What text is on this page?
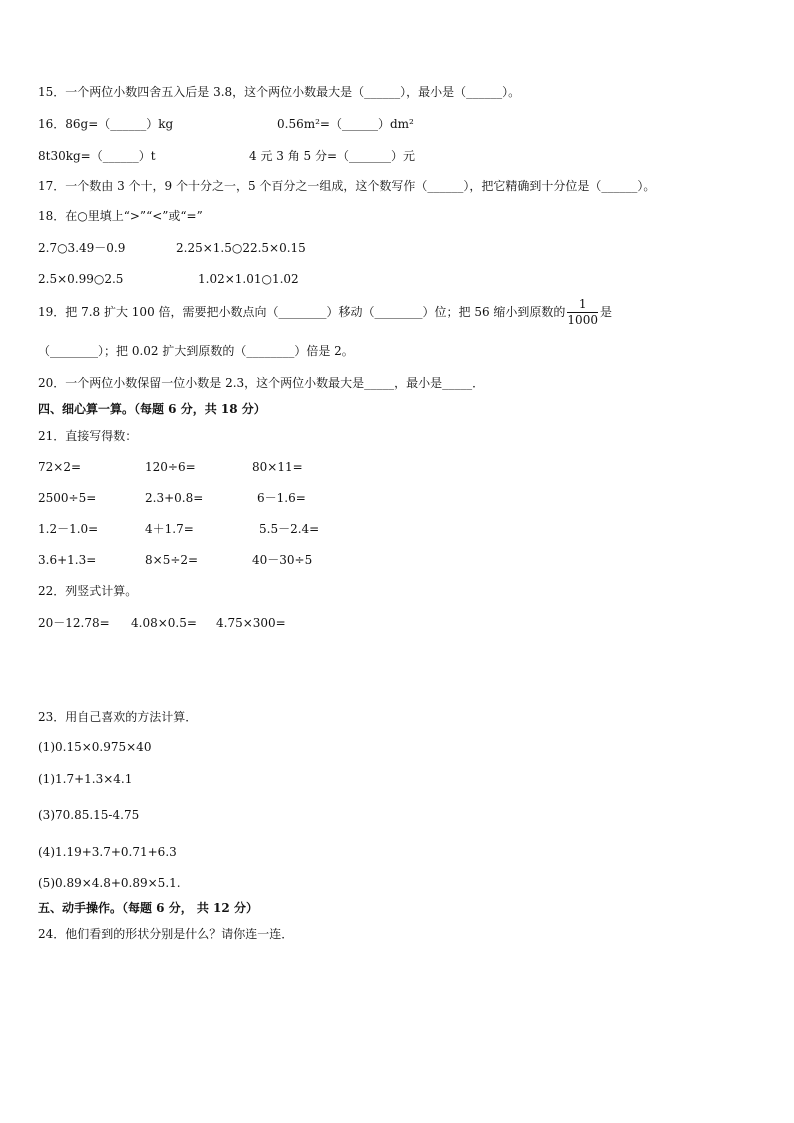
15．一个两位小数四舍五入后是 3.8，这个两位小数最大是（______），最小是（______）。
16．86g=（______）kg	0.56m²=（______）dm²
8t30kg=（______）t	4 元 3 角 5 分=（_______）元
17．一个数由 3 个十，9 个十分之一，5 个百分之一组成，这个数写作（______），把它精确到十分位是（______）。
18．在○里填上“>”“<”或“=”
2.7○3.49－0.9	2.25×1.5○22.5×0.15
2.5×0.99○2.5	1.02×1.01○1.02
19．把 7.8 扩大 100 倍，需要把小数点向（________）移动（________）位；把 56 缩小到原数的 $\frac{1}{1000}$ 是
（________）；把 0.02 扩大到原数的（________）倍是 2。
20．一个两位小数保留一位小数是 2.3，这个两位小数最大是_____，最小是_____．
四、细心算一算。（每题 6 分，共 18 分）
21．直接写得数：
72×2=	120÷6=	80×11=
2500÷5=	2.3+0.8=	6－1.6=
1.2－1.0=	4＋1.7=	5.5－2.4=
3.6+1.3=	8×5÷2=	40－30÷5
22．列竖式计算。
20－12.78= 4.08×0.5= 4.75×300=
23．用自己喜欢的方法计算．
(1)0.15×0.975×40
(1)1.7+1.3×4.1
(3)70.85.15-4.75
(4)1.19+3.7+0.71+6.3
(5)0.89×4.8+0.89×5.1.
五、动手操作。（每题 6 分， 共 12 分）
24．他们看到的形状分别是什么？请你连一连．
